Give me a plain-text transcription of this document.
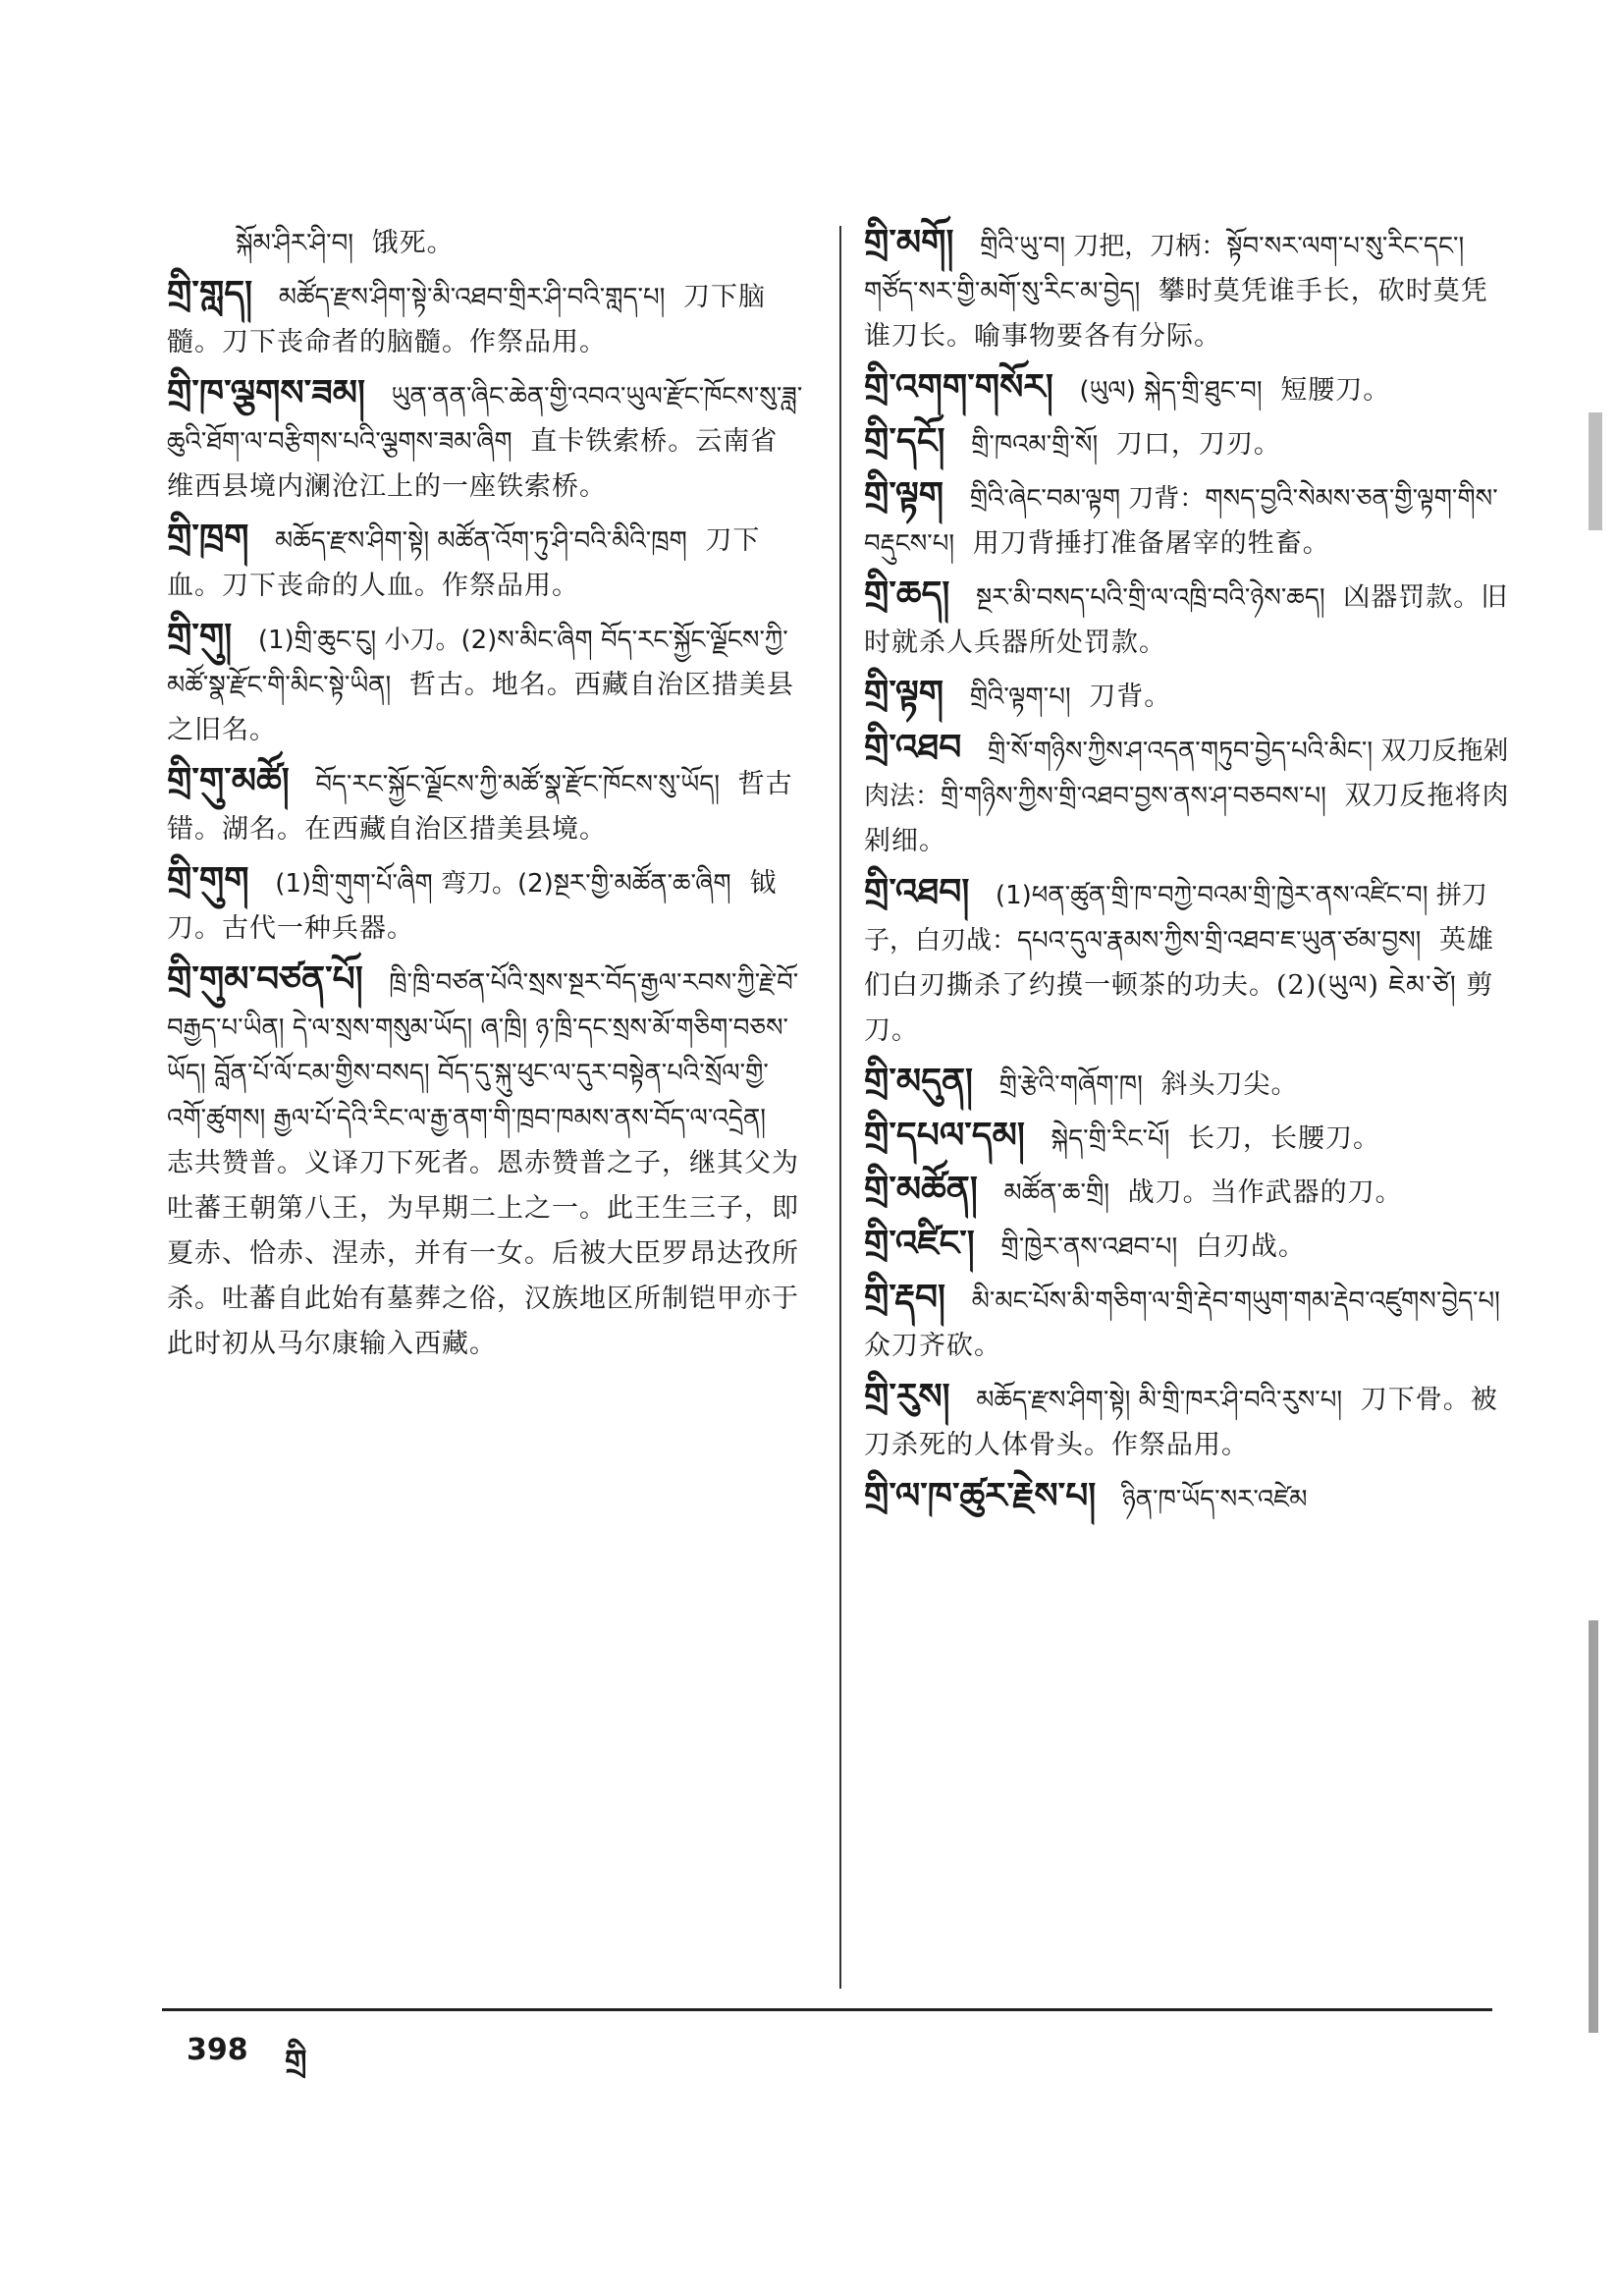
སྐོམ་ཤིར་ཤི་བ། 饿死。
གྲི་གླད། མཚོད་རྫས་ཤིག་སྟེ་མི་འཐབ་གྲིར་ཤི་བའི་གླད་པ། 刀下脑髓。刀下丧命者的脑髓。作祭品用。
གྲི་ཁ་ལྕགས་ཟམ། ཡུན་ནན་ཞིང་ཆེན་གྱི་འབའ་ཡུལ་རྫོང་ཁོངས་སུ་ཟླ་ཆུའི་ཐོག་ལ་བརྩིགས་པའི་ལྕགས་ཟམ་ཞིག 直卡铁索桥。云南省维西县境内澜沧江上的一座铁索桥。
གྲི་ཁྲག མཆོད་རྫས་ཤིག་སྟེ། མཚོན་འོག་ཏུ་ཤི་བའི་མིའི་ཁྲག 刀下血。刀下丧命的人血。作祭品用。
གྲི་གུ། (1)གྲི་ཆུང་ངུ། 小刀。(2)ས་མིང་ཞིག བོད་རང་སྐྱོང་ལྗོངས་ཀྱི་མཚོ་སྣ་རྫོང་གི་མིང་སྟེ་ཡིན། 哲古。地名。西藏自治区措美县之旧名。
གྲི་གུ་མཚོ། བོད་རང་སྐྱོང་ལྗོངས་ཀྱི་མཚོ་སྣ་རྫོང་ཁོངས་སུ་ཡོད། 哲古错。湖名。在西藏自治区措美县境。
གྲི་གུག (1)གྲི་གུག་པོ་ཞིག 弯刀。(2)སྔར་གྱི་མཚོན་ཆ་ཞིག 钺刀。古代一种兵器。
གྲི་གུམ་བཙན་པོ། ཁྲི་ཁྲི་བཙན་པོའི་སྲས་སྔར་བོད་རྒྱལ་རབས་ཀྱི་རྗེ་བོ་བརྒྱད་པ་ཡིན། དེ་ལ་སྲས་གསུམ་ཡོད། ཞ་ཁྲི། ཉ་ཁྲི་དང་སྲས་མོ་གཅིག་བཅས་ཡོད། བློན་པོ་ལོ་ངམ་གྱིས་བསད། བོད་དུ་སྐུ་ཕུང་ལ་དུར་བསྟེན་པའི་སྲོལ་གྱི་འགོ་ཚུགས། རྒྱལ་པོ་དེའི་རིང་ལ་རྒྱ་ནག་གི་ཁྲབ་ཁམས་ནས་བོད་ལ་འདྲེན། 志共赞普。义译刀下死者。恩赤赞普之子，继其父为吐蕃王朝第八王，为早期二上之一。此王生三子，即夏赤、恰赤、涅赤，并有一女。后被大臣罗昂达孜所杀。吐蕃自此始有墓葬之俗，汉族地区所制铠甲亦于此时初从马尔康输入西藏。
གྲི་མགོ། གྲིའི་ཡུ་བ། 刀把，刀柄：སྟོབ་སར་ལག་པ་སུ་རིང་དང་། གཙོད་སར་གྱི་མགོ་སུ་རིང་མ་བྱེད། 攀时莫凭谁手长，砍时莫凭谁刀长。喻事物要各有分际。
གྲི་འགག་གསོར། (ཡུལ) སྐེད་གྲི་ཐུང་བ། 短腰刀。
གྲི་དངོ། གྲི་ཁའམ་གྲི་སོ། 刀口，刀刃。
གྲི་ལྟག གྲིའི་ཞེང་བམ་ལྟག 刀背：གསད་བྱའི་སེམས་ཅན་གྱི་ལྟག་གིས་བརྡུངས་པ། 用刀背捶打准备屠宰的牲畜。
གྲི་ཆད། སྔར་མི་བསད་པའི་གྲི་ལ་འཁྲི་བའི་ཉེས་ཆད། 凶器罚款。旧时就杀人兵器所处罚款。
གྲི་ལྟག གྲིའི་ལྟག་པ། 刀背。
གྲི་འཐབ གྲི་སོ་གཉིས་ཀྱིས་ཤ་འདན་གཏུབ་བྱེད་པའི་མིང་། 双刀反拖剁肉法：གྲི་གཉིས་ཀྱིས་གྲི་འཐབ་བྱས་ནས་ཤ་བཅབས་པ། 双刀反拖将肉剁细。
གྲི་འཐབ། (1)ཕན་ཚུན་གྲི་ཁ་བཀྱེ་བའམ་གྲི་ཁྱེར་ནས་འཛིང་བ། 拼刀子，白刃战：དཔའ་དུལ་རྣམས་ཀྱིས་གྲི་འཐབ་ཇ་ཡུན་ཙམ་བྱས། 英雄们白刃撕杀了约摸一顿茶的功夫。(2)(ཡུལ) ཇེམ་ཙེ། 剪刀。
གྲི་མདུན། གྲི་རྩེའི་གཞོག་ཁ། 斜头刀尖。
གྲི་དཔལ་དམ། སྐེད་གྲི་རིང་པོ། 长刀，长腰刀。
གྲི་མཚོན། མཚོན་ཆ་གྲི། 战刀。当作武器的刀。
གྲི་འཛིང་། གྲི་ཁྱེར་ནས་འཐབ་པ། 白刃战。
གྲི་རྡབ། མི་མང་པོས་མི་གཅིག་ལ་གྲི་རྡེབ་གཡུག་གམ་རྡེབ་འཛུགས་བྱེད་པ། 众刀齐砍。
གྲི་རུས། མཆོད་རྫས་ཤིག་སྟེ། མི་གྲི་ཁར་ཤི་བའི་རུས་པ། 刀下骨。被刀杀死的人体骨头。作祭品用。
གྲི་ལ་ཁ་ཚུར་རྗེས་པ། ཉིན་ཁ་ཡོད་སར་འཛེམ
398 གྲི
